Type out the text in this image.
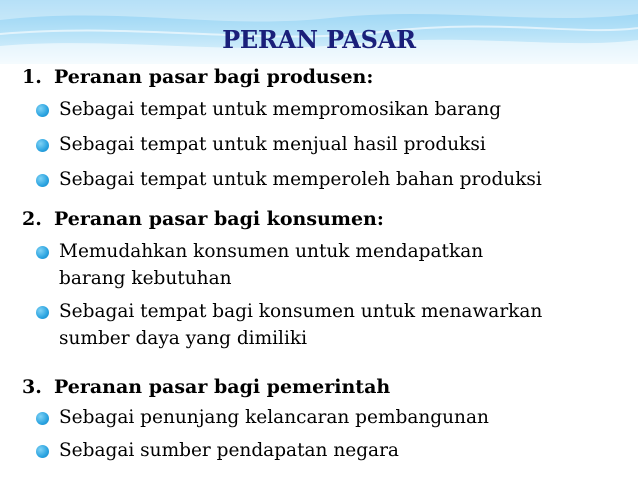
PERAN PASAR

1. Peranan pasar bagi produsen:

Sebagai tempat untuk mempromosikan barang
Sebagai tempat untuk menjual hasil produksi
Sebagai tempat untuk memperoleh bahan produksi

2. Peranan pasar bagi konsumen:

Memudahkan konsumen untuk mendapatkan
barang kebutuhan
Sebagai tempat bagi konsumen untuk menawarkan
sumber daya yang dimiliki

3. Peranan pasar bagi pemerintah

Sebagai penunjang kelancaran pembangunan
Sebagai sumber pendapatan negara
